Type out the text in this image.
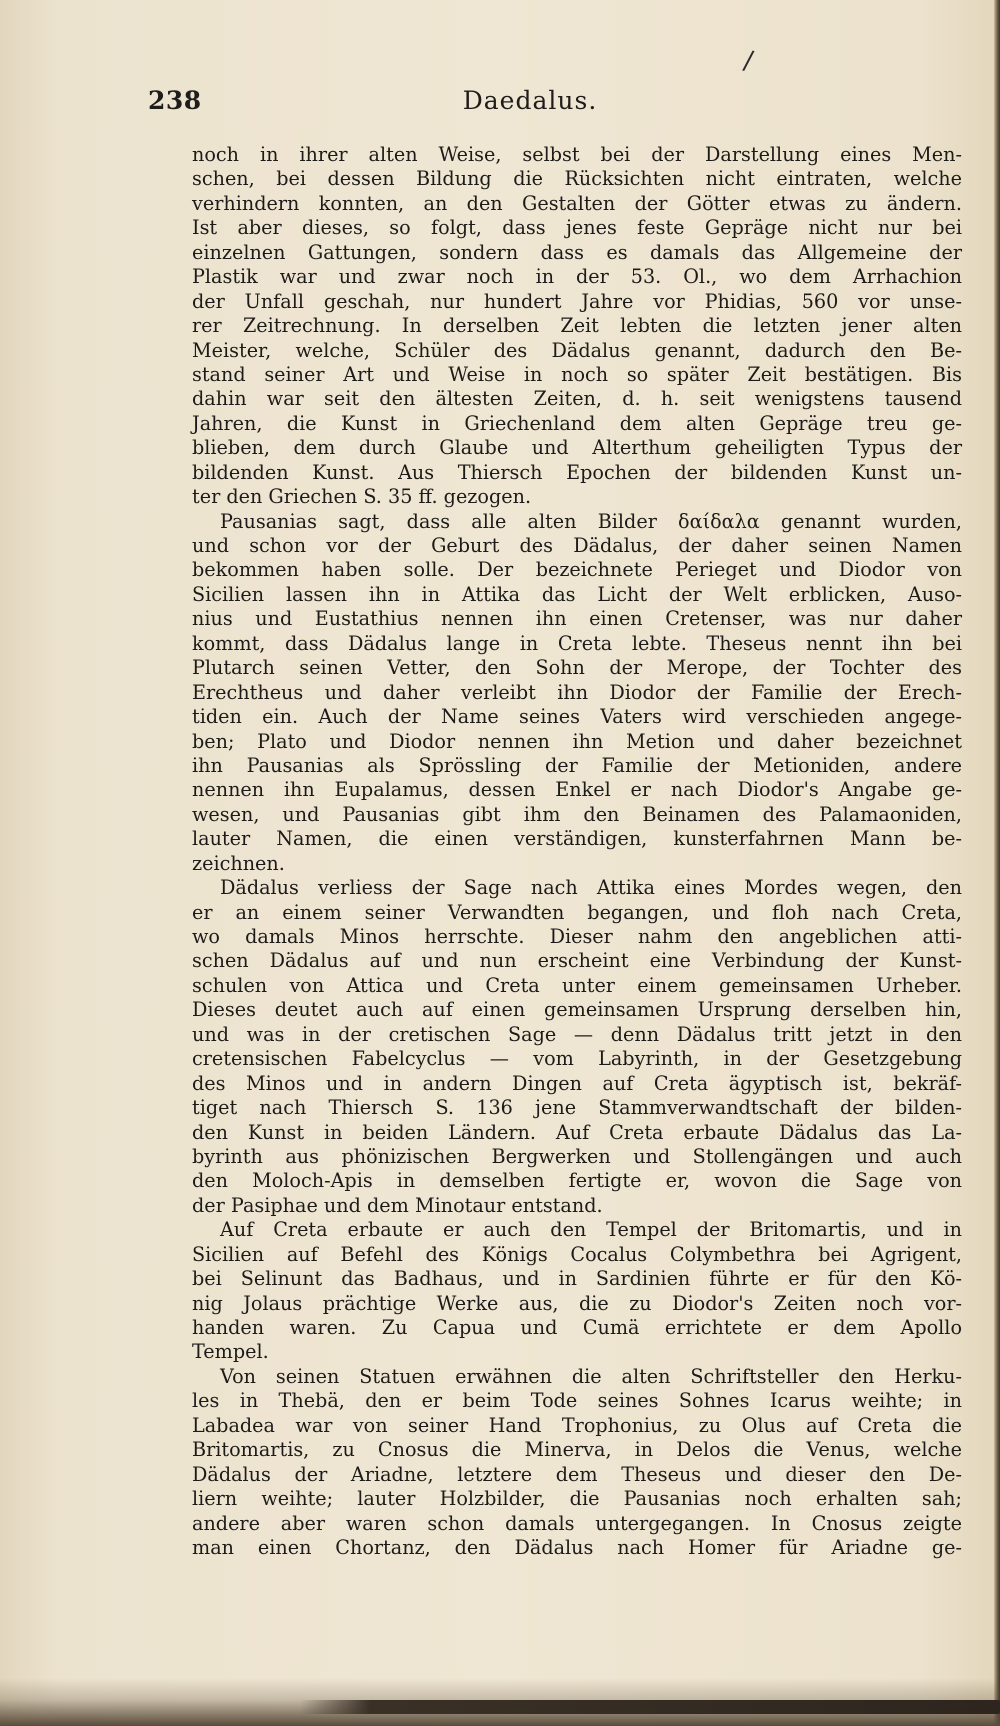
/
238	Daedalus.
noch in ihrer alten Weise, selbst bei der Darstellung eines Men-
schen, bei dessen Bildung die Rücksichten nicht eintraten, welche
verhindern konnten, an den Gestalten der Götter etwas zu ändern.
Ist aber dieses, so folgt, dass jenes feste Gepräge nicht nur bei
einzelnen Gattungen, sondern dass es damals das Allgemeine der
Plastik war und zwar noch in der 53. Ol., wo dem Arrhachion
der Unfall geschah, nur hundert Jahre vor Phidias, 560 vor unse-
rer Zeitrechnung. In derselben Zeit lebten die letzten jener alten
Meister, welche, Schüler des Dädalus genannt, dadurch den Be-
stand seiner Art und Weise in noch so später Zeit bestätigen. Bis
dahin war seit den ältesten Zeiten, d. h. seit wenigstens tausend
Jahren, die Kunst in Griechenland dem alten Gepräge treu ge-
blieben, dem durch Glaube und Alterthum geheiligten Typus der
bildenden Kunst. Aus Thiersch Epochen der bildenden Kunst un-
ter den Griechen S. 35 ff. gezogen.
Pausanias sagt, dass alle alten Bilder δαίδαλα genannt wurden,
und schon vor der Geburt des Dädalus, der daher seinen Namen
bekommen haben solle. Der bezeichnete Perieget und Diodor von
Sicilien lassen ihn in Attika das Licht der Welt erblicken, Auso-
nius und Eustathius nennen ihn einen Cretenser, was nur daher
kommt, dass Dädalus lange in Creta lebte. Theseus nennt ihn bei
Plutarch seinen Vetter, den Sohn der Merope, der Tochter des
Erechtheus und daher verleibt ihn Diodor der Familie der Erech-
tiden ein. Auch der Name seines Vaters wird verschieden angege-
ben; Plato und Diodor nennen ihn Metion und daher bezeichnet
ihn Pausanias als Sprössling der Familie der Metioniden, andere
nennen ihn Eupalamus, dessen Enkel er nach Diodor's Angabe ge-
wesen, und Pausanias gibt ihm den Beinamen des Palamaoniden,
lauter Namen, die einen verständigen, kunsterfahrnen Mann be-
zeichnen.
Dädalus verliess der Sage nach Attika eines Mordes wegen, den
er an einem seiner Verwandten begangen, und floh nach Creta,
wo damals Minos herrschte. Dieser nahm den angeblichen atti-
schen Dädalus auf und nun erscheint eine Verbindung der Kunst-
schulen von Attica und Creta unter einem gemeinsamen Urheber.
Dieses deutet auch auf einen gemeinsamen Ursprung derselben hin,
und was in der cretischen Sage — denn Dädalus tritt jetzt in den
cretensischen Fabelcyclus — vom Labyrinth, in der Gesetzgebung
des Minos und in andern Dingen auf Creta ägyptisch ist, bekräf-
tiget nach Thiersch S. 136 jene Stammverwandtschaft der bilden-
den Kunst in beiden Ländern. Auf Creta erbaute Dädalus das La-
byrinth aus phönizischen Bergwerken und Stollengängen und auch
den Moloch-Apis in demselben fertigte er, wovon die Sage von
der Pasiphae und dem Minotaur entstand.
Auf Creta erbaute er auch den Tempel der Britomartis, und in
Sicilien auf Befehl des Königs Cocalus Colymbethra bei Agrigent,
bei Selinunt das Badhaus, und in Sardinien führte er für den Kö-
nig Jolaus prächtige Werke aus, die zu Diodor's Zeiten noch vor-
handen waren. Zu Capua und Cumä errichtete er dem Apollo
Tempel.
Von seinen Statuen erwähnen die alten Schriftsteller den Herku-
les in Thebä, den er beim Tode seines Sohnes Icarus weihte; in
Labadea war von seiner Hand Trophonius, zu Olus auf Creta die
Britomartis, zu Cnosus die Minerva, in Delos die Venus, welche
Dädalus der Ariadne, letztere dem Theseus und dieser den De-
liern weihte; lauter Holzbilder, die Pausanias noch erhalten sah;
andere aber waren schon damals untergegangen. In Cnosus zeigte
man einen Chortanz, den Dädalus nach Homer für Ariadne ge-
